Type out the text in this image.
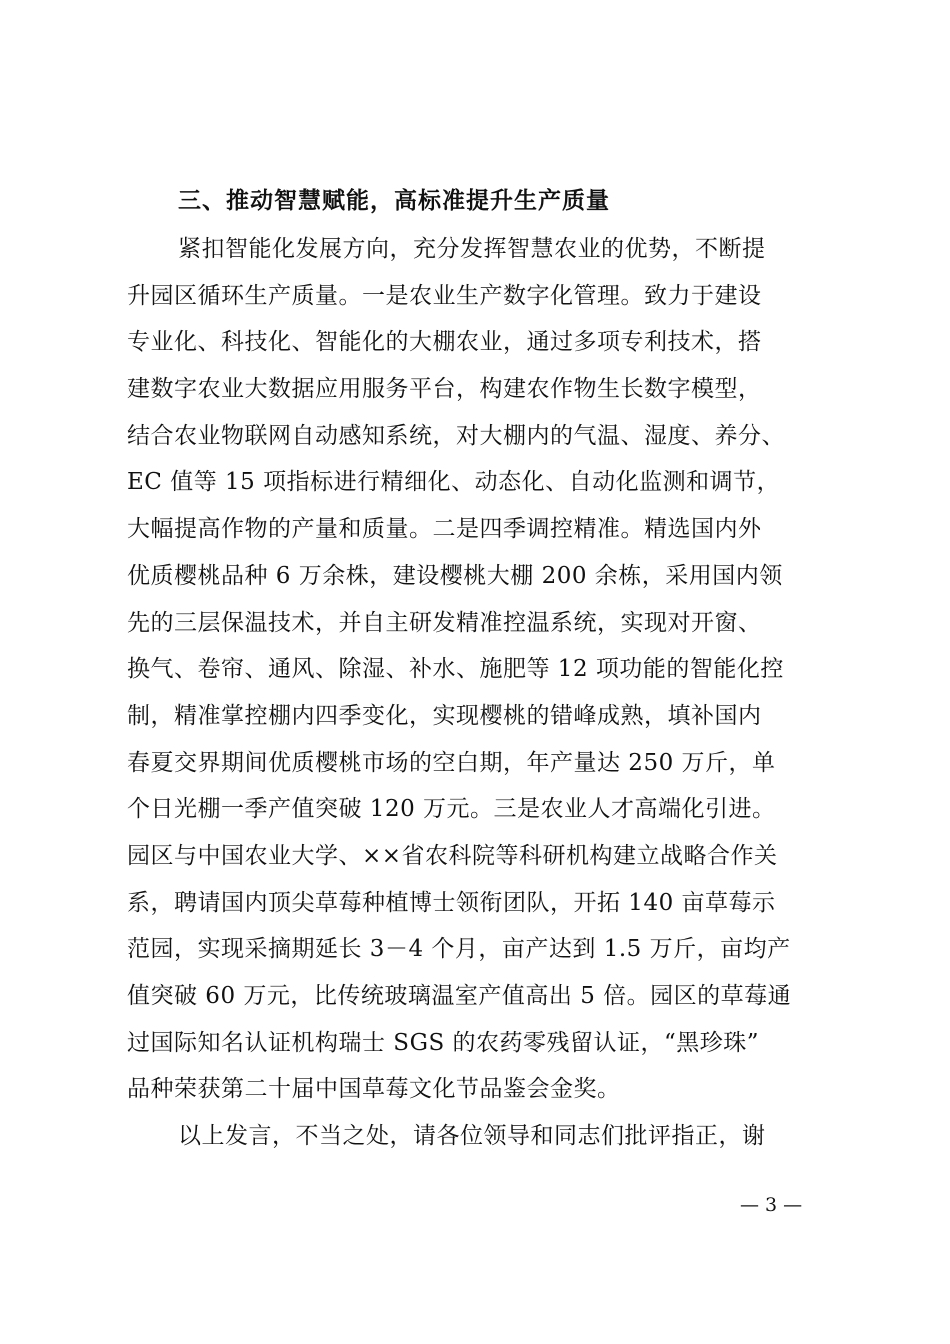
三、推动智慧赋能，高标准提升生产质量
紧扣智能化发展方向，充分发挥智慧农业的优势，不断提
升园区循环生产质量。一是农业生产数字化管理。致力于建设
专业化、科技化、智能化的大棚农业，通过多项专利技术，搭
建数字农业大数据应用服务平台，构建农作物生长数字模型，
结合农业物联网自动感知系统，对大棚内的气温、湿度、养分、
EC 值等 15 项指标进行精细化、动态化、自动化监测和调节，
大幅提高作物的产量和质量。二是四季调控精准。精选国内外
优质樱桃品种 6 万余株，建设樱桃大棚 200 余栋，采用国内领
先的三层保温技术，并自主研发精准控温系统，实现对开窗、
换气、卷帘、通风、除湿、补水、施肥等 12 项功能的智能化控
制，精准掌控棚内四季变化，实现樱桃的错峰成熟，填补国内
春夏交界期间优质樱桃市场的空白期，年产量达 250 万斤，单
个日光棚一季产值突破 120 万元。三是农业人才高端化引进。
园区与中国农业大学、××省农科院等科研机构建立战略合作关
系，聘请国内顶尖草莓种植博士领衔团队，开拓 140 亩草莓示
范园，实现采摘期延长 3－4 个月，亩产达到 1.5 万斤，亩均产
值突破 60 万元，比传统玻璃温室产值高出 5 倍。园区的草莓通
过国际知名认证机构瑞士 SGS 的农药零残留认证，“黑珍珠”
品种荣获第二十届中国草莓文化节品鉴会金奖。
以上发言，不当之处，请各位领导和同志们批评指正，谢
— 3 —
